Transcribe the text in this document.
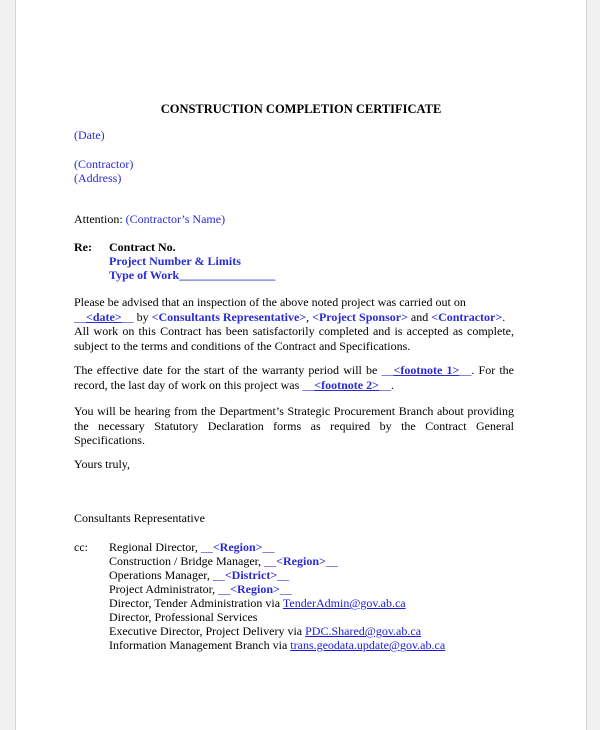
CONSTRUCTION COMPLETION CERTIFICATE
(Date)
(Contractor)
(Address)
Attention: (Contractor’s Name)
Re: Contract No.
Project Number & Limits
Type of Work________________
Please be advised that an inspection of the above noted project was carried out on
__<date>__ by <Consultants Representative>, <Project Sponsor> and <Contractor>.
All work on this Contract has been satisfactorily completed and is accepted as complete, subject to the terms and conditions of the Contract and Specifications.
The effective date for the start of the warranty period will be __<footnote 1>__. For the record, the last day of work on this project was __<footnote 2>__.
You will be hearing from the Department’s Strategic Procurement Branch about providing the necessary Statutory Declaration forms as required by the Contract General Specifications.
Yours truly,
Consultants Representative
cc: Regional Director, __<Region>__
Construction / Bridge Manager, __<Region>__
Operations Manager, __<District>__
Project Administrator, __<Region>__
Director, Tender Administration via TenderAdmin@gov.ab.ca
Director, Professional Services
Executive Director, Project Delivery via PDC.Shared@gov.ab.ca
Information Management Branch via trans.geodata.update@gov.ab.ca
